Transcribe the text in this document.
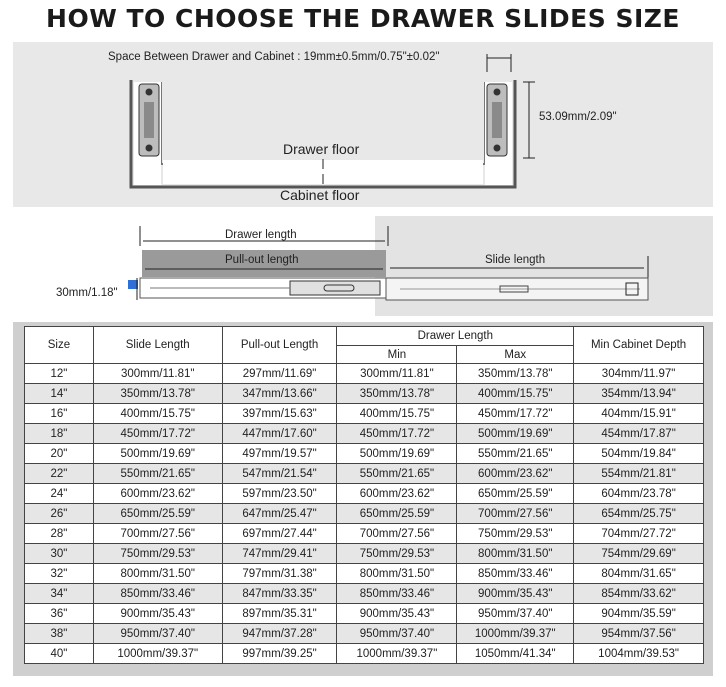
HOW TO CHOOSE THE DRAWER SLIDES SIZE
Space Between Drawer and Cabinet : 19mm±0.5mm/0.75"±0.02"
53.09mm/2.09"
Drawer floor
Cabinet floor
Drawer length
Pull-out length	Slide length
30mm/1.18"
Size	Slide Length	Pull-out Length	Drawer Length		Min Cabinet Depth
			Min	Max	
12"	300mm/11.81"	297mm/11.69"	300mm/11.81"	350mm/13.78"	304mm/11.97"
14"	350mm/13.78"	347mm/13.66"	350mm/13.78"	400mm/15.75"	354mm/13.94"
16"	400mm/15.75"	397mm/15.63"	400mm/15.75"	450mm/17.72"	404mm/15.91"
18"	450mm/17.72"	447mm/17.60"	450mm/17.72"	500mm/19.69"	454mm/17.87"
20"	500mm/19.69"	497mm/19.57"	500mm/19.69"	550mm/21.65"	504mm/19.84"
22"	550mm/21.65"	547mm/21.54"	550mm/21.65"	600mm/23.62"	554mm/21.81"
24"	600mm/23.62"	597mm/23.50"	600mm/23.62"	650mm/25.59"	604mm/23.78"
26"	650mm/25.59"	647mm/25.47"	650mm/25.59"	700mm/27.56"	654mm/25.75"
28"	700mm/27.56"	697mm/27.44"	700mm/27.56"	750mm/29.53"	704mm/27.72"
30"	750mm/29.53"	747mm/29.41"	750mm/29.53"	800mm/31.50"	754mm/29.69"
32"	800mm/31.50"	797mm/31.38"	800mm/31.50"	850mm/33.46"	804mm/31.65"
34"	850mm/33.46"	847mm/33.35"	850mm/33.46"	900mm/35.43"	854mm/33.62"
36"	900mm/35.43"	897mm/35.31"	900mm/35.43"	950mm/37.40"	904mm/35.59"
38"	950mm/37.40"	947mm/37.28"	950mm/37.40"	1000mm/39.37"	954mm/37.56"
40"	1000mm/39.37"	997mm/39.25"	1000mm/39.37"	1050mm/41.34"	1004mm/39.53"
